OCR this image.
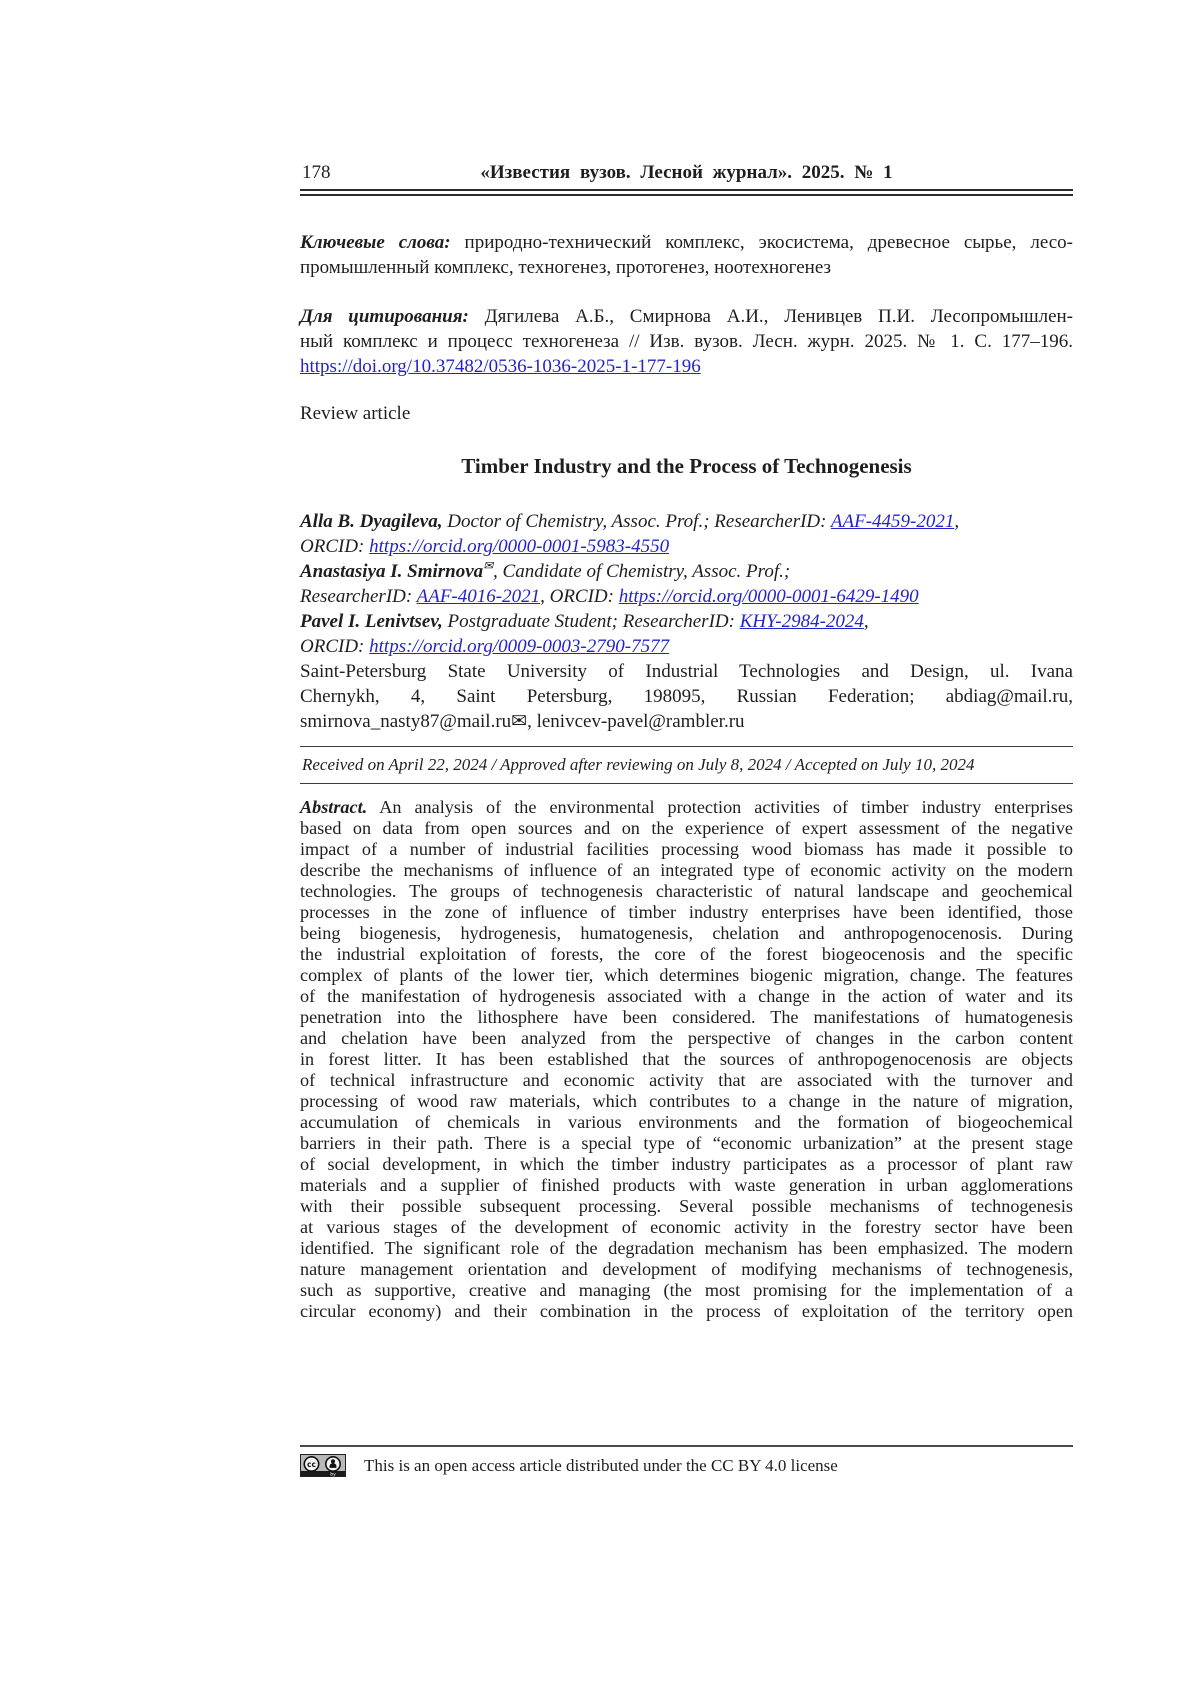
178	«Известия вузов. Лесной журнал». 2025. № 1
Ключевые слова: природно-технический комплекс, экосистема, древесное сырье, лесо-
промышленный комплекс, техногенез, протогенез, ноотехногенез
Для цитирования: Дягилева А.Б., Смирнова А.И., Ленивцев П.И. Лесопромышлен-
ный комплекс и процесс техногенеза // Изв. вузов. Лесн. журн. 2025. № 1. С. 177–196.
https://doi.org/10.37482/0536-1036-2025-1-177-196
Review article
Timber Industry and the Process of Technogenesis
Alla B. Dyagileva, Doctor of Chemistry, Assoc. Prof.; ResearcherID: AAF-4459-2021,
ORCID: https://orcid.org/0000-0001-5983-4550
Anastasiya I. Smirnova✉, Candidate of Chemistry, Assoc. Prof.;
ResearcherID: AAF-4016-2021, ORCID: https://orcid.org/0000-0001-6429-1490
Pavel I. Lenivtsev, Postgraduate Student; ResearcherID: KHY-2984-2024,
ORCID: https://orcid.org/0009-0003-2790-7577
Saint-Petersburg State University of Industrial Technologies and Design, ul. Ivana
Chernykh, 4, Saint Petersburg, 198095, Russian Federation; abdiag@mail.ru,
smirnova_nasty87@mail.ru✉, lenivcev-pavel@rambler.ru
Received on April 22, 2024 / Approved after reviewing on July 8, 2024 / Accepted on July 10, 2024
Abstract. An analysis of the environmental protection activities of timber industry enterprises
based on data from open sources and on the experience of expert assessment of the negative
impact of a number of industrial facilities processing wood biomass has made it possible to
describe the mechanisms of influence of an integrated type of economic activity on the modern
technologies. The groups of technogenesis characteristic of natural landscape and geochemical
processes in the zone of influence of timber industry enterprises have been identified, those
being biogenesis, hydrogenesis, humatogenesis, chelation and anthropogenocenosis. During
the industrial exploitation of forests, the core of the forest biogeocenosis and the specific
complex of plants of the lower tier, which determines biogenic migration, change. The features
of the manifestation of hydrogenesis associated with a change in the action of water and its
penetration into the lithosphere have been considered. The manifestations of humatogenesis
and chelation have been analyzed from the perspective of changes in the carbon content
in forest litter. It has been established that the sources of anthropogenocenosis are objects
of technical infrastructure and economic activity that are associated with the turnover and
processing of wood raw materials, which contributes to a change in the nature of migration,
accumulation of chemicals in various environments and the formation of biogeochemical
barriers in their path. There is a special type of “economic urbanization” at the present stage
of social development, in which the timber industry participates as a processor of plant raw
materials and a supplier of finished products with waste generation in urban agglomerations
with their possible subsequent processing. Several possible mechanisms of technogenesis
at various stages of the development of economic activity in the forestry sector have been
identified. The significant role of the degradation mechanism has been emphasized. The modern
nature management orientation and development of modifying mechanisms of technogenesis,
such as supportive, creative and managing (the most promising for the implementation of a
circular economy) and their combination in the process of exploitation of the territory open
cc
by
This is an open access article distributed under the CC BY 4.0 license
